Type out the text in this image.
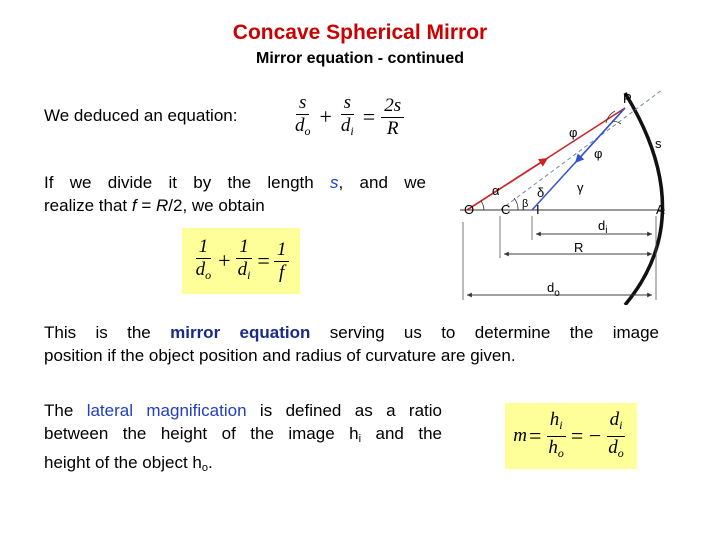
Concave Spherical Mirror
Mirror equation - continued
We deduced an equation:	$\frac{s}{d_o} + \frac{s}{d_i} = \frac{2s}{R}$
If we divide it by the length s, and we
realize that f = R/2, we obtain
$\frac{1}{d_o} + \frac{1}{d_i} = \frac{1}{f}$
P
s
φ
φ
γ
α	δ
β
O C I	A
$d_i$
R
$d_o$
This is the mirror equation serving us to determine the image
position if the object position and radius of curvature are given.
The lateral magnification is defined as a ratio
between the height of the image hi and the
height of the object ho.
$m = \frac{h_i}{h_o}$ = − $\frac{d_i}{d_o}$
